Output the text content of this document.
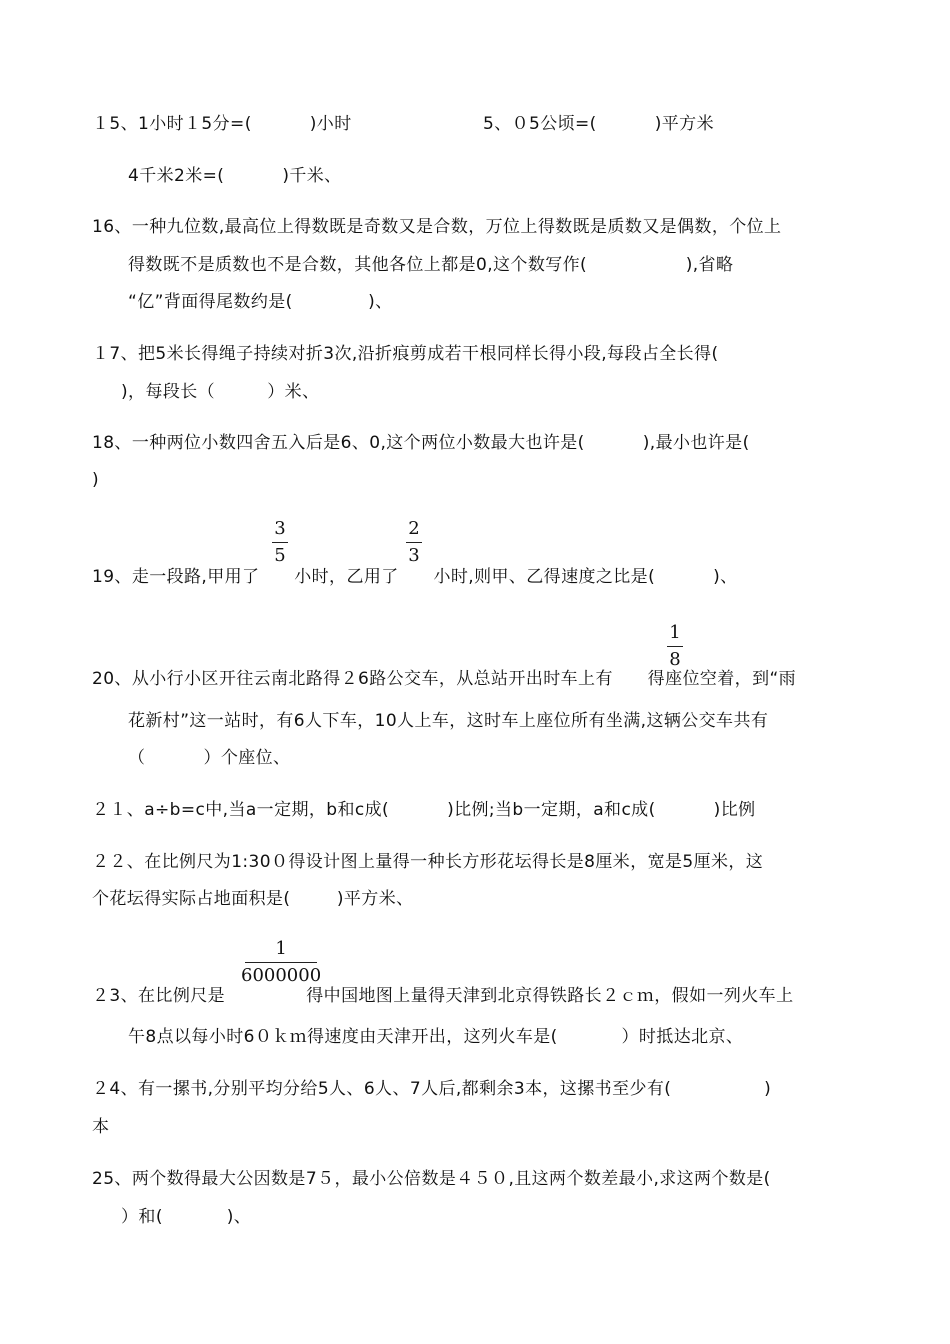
１5、1小时１5分=(          )小时	5、０5公顷=(          )平方米
4千米2米=(          )千米、
16、一种九位数,最高位上得数既是奇数又是合数，万位上得数既是质数又是偶数，个位上
得数既不是质数也不是合数，其他各位上都是0,这个数写作(                 ),省略
“亿”背面得尾数约是(             )、
１7、把5米长得绳子持续对折3次,沿折痕剪成若干根同样长得小段,每段占全长得(
)，每段长（         ）米、
18、一种两位小数四舍五入后是6、0,这个两位小数最大也许是(          ),最小也许是(
)
3
5
2
3
19、走一段路,甲用了      小时，乙用了      小时,则甲、乙得速度之比是(          )、
1
8
20、从小行小区开往云南北路得２6路公交车，从总站开出时车上有      得座位空着，到“雨
花新村”这一站时，有6人下车，10人上车，这时车上座位所有坐满,这辆公交车共有
（          ）个座位、
２１、a÷b=c中,当a一定期，b和c成(          )比例;当b一定期，a和c成(          )比例
２２、在比例尺为1:30０得设计图上量得一种长方形花坛得长是8厘米，宽是5厘米，这
个花坛得实际占地面积是(        )平方米、
1
6000000
２3、在比例尺是              得中国地图上量得天津到北京得铁路长２ｃｍ，假如一列火车上
午8点以每小时6０ｋｍ得速度由天津开出，这列火车是(           ）时抵达北京、
２4、有一摞书,分别平均分给5人、6人、7人后,都剩余3本，这摞书至少有(                )
本
25、两个数得最大公因数是7５，最小公倍数是４５０,且这两个数差最小,求这两个数是(
）和(           )、
